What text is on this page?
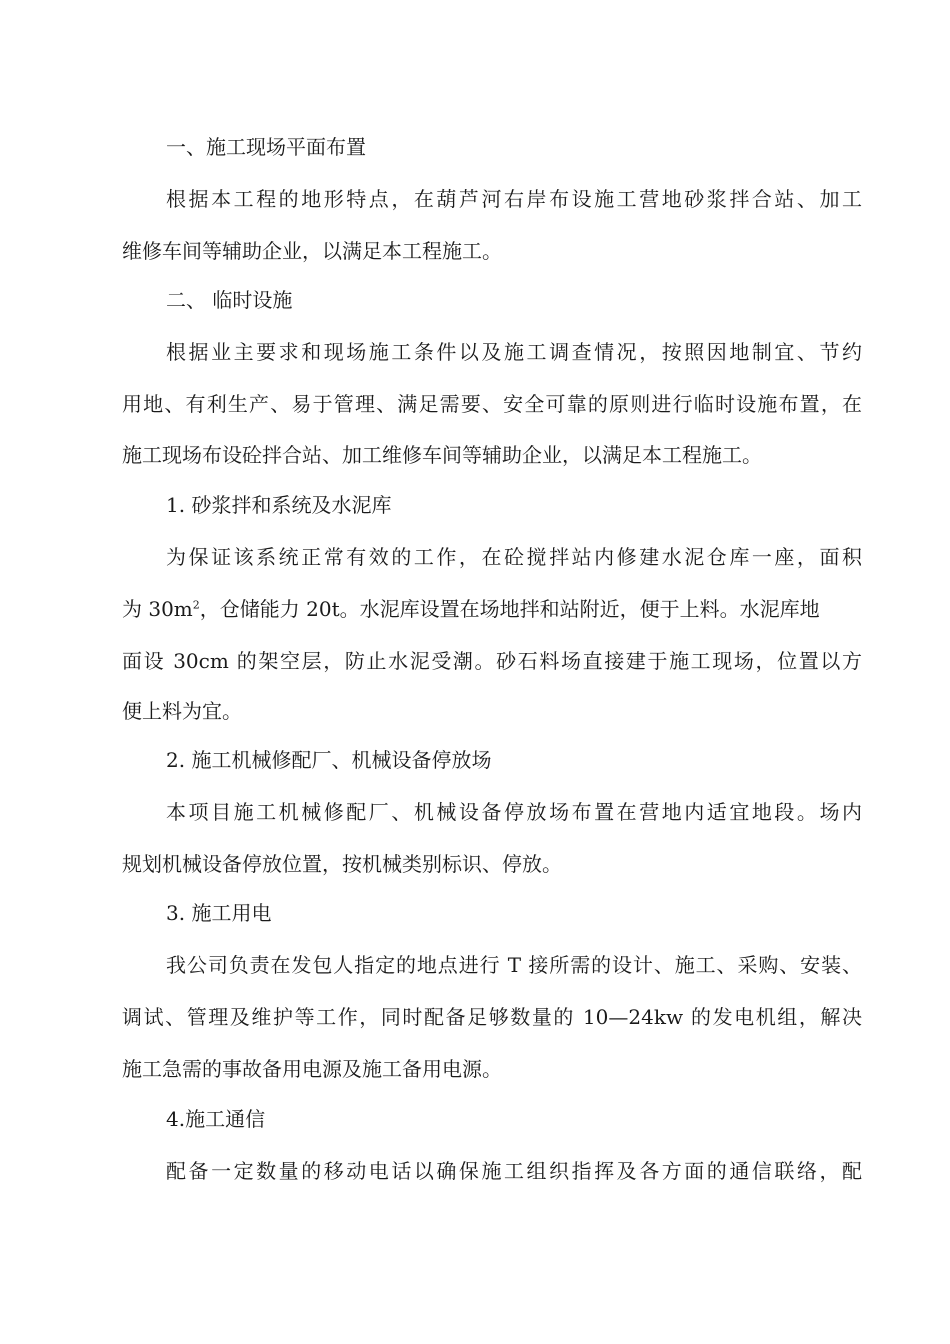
一、施工现场平面布置
根据本工程的地形特点，在葫芦河右岸布设施工营地砂浆拌合站、加工
维修车间等辅助企业，以满足本工程施工。
二、 临时设施
根据业主要求和现场施工条件以及施工调查情况，按照因地制宜、节约
用地、有利生产、易于管理、满足需要、安全可靠的原则进行临时设施布置，在
施工现场布设砼拌合站、加工维修车间等辅助企业，以满足本工程施工。
1. 砂浆拌和系统及水泥库
为保证该系统正常有效的工作，在砼搅拌站内修建水泥仓库一座，面积
为 $30m^2$，仓储能力 20t。水泥库设置在场地拌和站附近，便于上料。水泥库地
面设 30cm 的架空层，防止水泥受潮。砂石料场直接建于施工现场，位置以方
便上料为宜。
2. 施工机械修配厂、机械设备停放场
本项目施工机械修配厂、机械设备停放场布置在营地内适宜地段。场内
规划机械设备停放位置，按机械类别标识、停放。
3. 施工用电
我公司负责在发包人指定的地点进行 T 接所需的设计、施工、采购、安装、
调试、管理及维护等工作，同时配备足够数量的 10—24kw 的发电机组，解决
施工急需的事故备用电源及施工备用电源。
4.施工通信
配备一定数量的移动电话以确保施工组织指挥及各方面的通信联络，配
